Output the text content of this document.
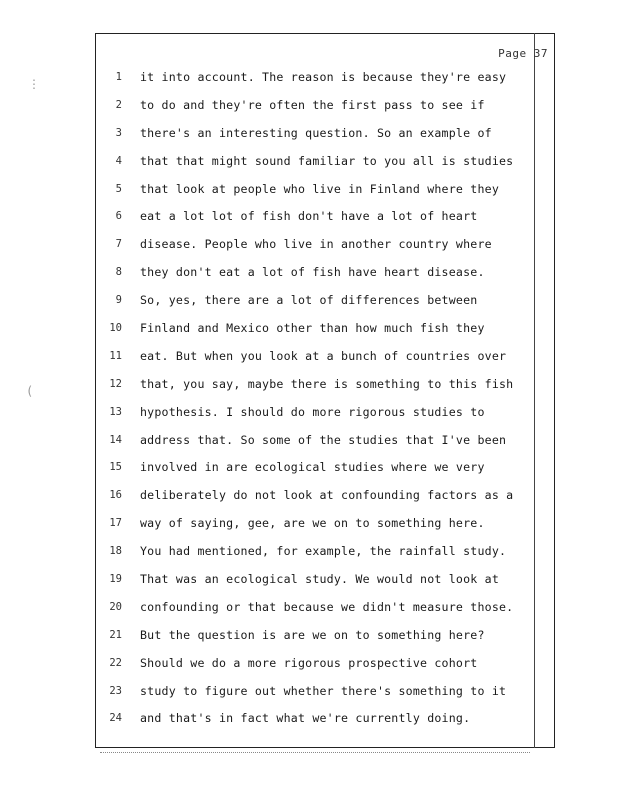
⋮
(
Page 37
1 it into account. The reason is because they're easy
2 to do and they're often the first pass to see if
3 there's an interesting question. So an example of
4 that that might sound familiar to you all is studies
5 that look at people who live in Finland where they
6 eat a lot lot of fish don't have a lot of heart
7 disease. People who live in another country where
8 they don't eat a lot of fish have heart disease.
9 So, yes, there are a lot of differences between
10 Finland and Mexico other than how much fish they
11 eat. But when you look at a bunch of countries over
12 that, you say, maybe there is something to this fish
13 hypothesis. I should do more rigorous studies to
14 address that. So some of the studies that I've been
15 involved in are ecological studies where we very
16 deliberately do not look at confounding factors as a
17 way of saying, gee, are we on to something here.
18 You had mentioned, for example, the rainfall study.
19 That was an ecological study. We would not look at
20 confounding or that because we didn't measure those.
21 But the question is are we on to something here?
22 Should we do a more rigorous prospective cohort
23 study to figure out whether there's something to it
24 and that's in fact what we're currently doing.
